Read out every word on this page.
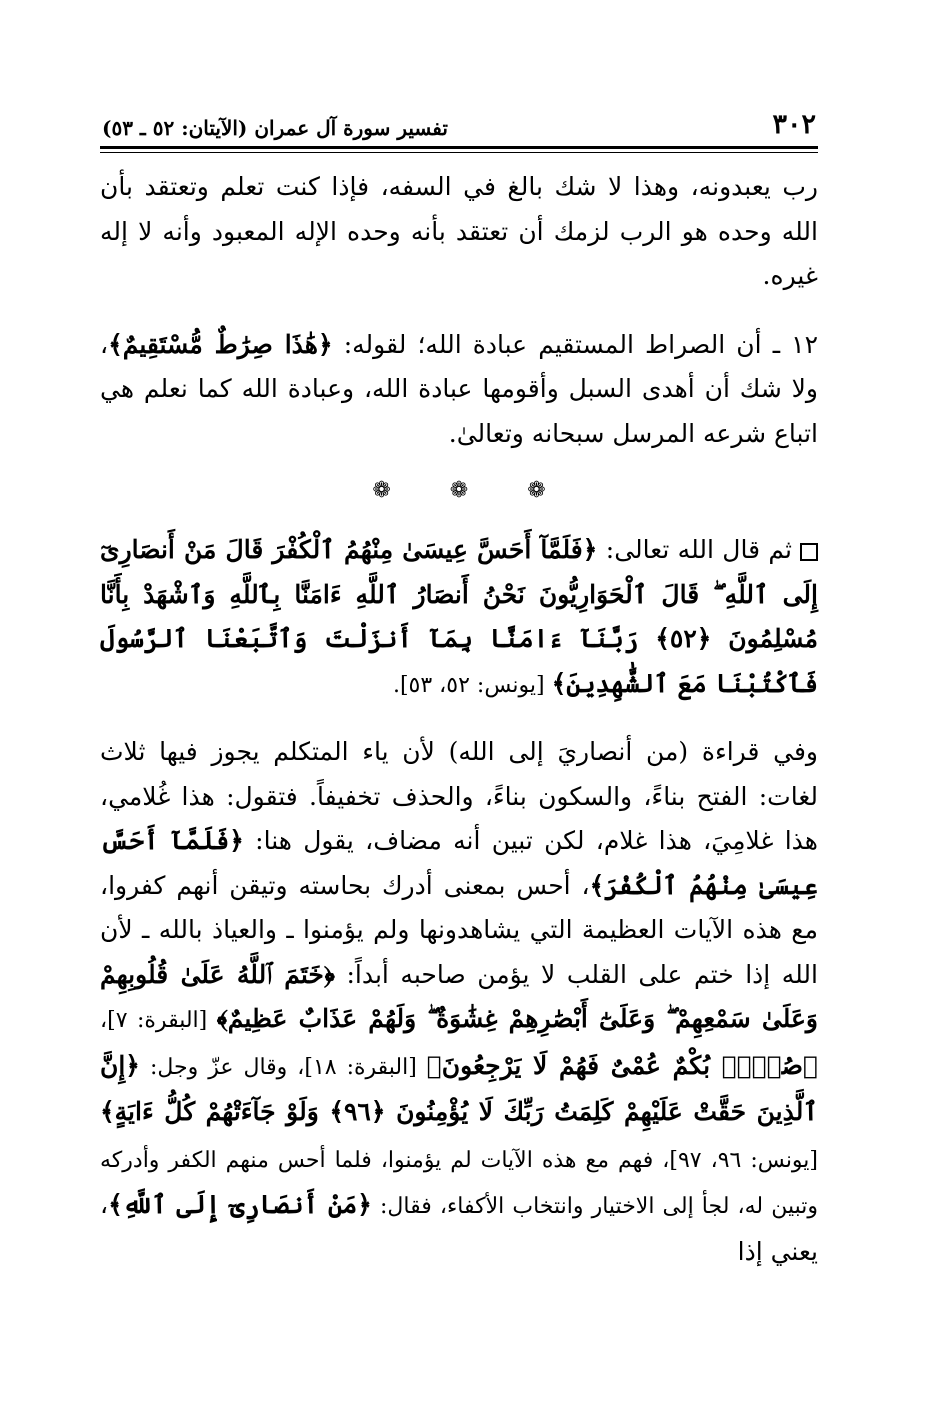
٣٠٢
تفسير سورة آل عمران (الآيتان: ٥٢ ـ ٥٣)

رب يعبدونه، وهذا لا شك بالغ في السفه، فإذا كنت تعلم وتعتقد بأن الله وحده هو الرب لزمك أن تعتقد بأنه وحده الإله المعبود وأنه لا إله غيره.

١٢ ـ أن الصراط المستقيم عبادة الله؛ لقوله: ﴿هَٰذَا صِرَٰطٌ مُّسْتَقِيمٌ﴾، ولا شك أن أهدى السبل وأقومها عبادة الله، وعبادة الله كما نعلم هي اتباع شرعه المرسل سبحانه وتعالىٰ.

❁ ❁ ❁

ثم قال الله تعالى: ﴿فَلَمَّآ أَحَسَّ عِيسَىٰ مِنْهُمُ ٱلْكُفْرَ قَالَ مَنْ أَنصَارِىٓ إِلَى ٱللَّهِ ۖ قَالَ ٱلْحَوَارِيُّونَ نَحْنُ أَنصَارُ ٱللَّهِ ءَامَنَّا بِٱللَّهِ وَٱشْهَدْ بِأَنَّا مُسْلِمُونَ ﴿٥٢﴾ رَبَّنَآ ءَامَنَّا بِمَآ أَنزَلْتَ وَٱتَّبَعْنَا ٱلرَّسُولَ فَٱكْتُبْنَا مَعَ ٱلشَّٰهِدِينَ﴾ [يونس: ٥٢، ٥٣].

وفي قراءة (من أنصاريَ إلى الله) لأن ياء المتكلم يجوز فيها ثلاث لغات: الفتح بناءً، والسكون بناءً، والحذف تخفيفاً. فتقول: هذا غُلامي، هذا غلامِيَ، هذا غلام، لكن تبين أنه مضاف، يقول هنا: ﴿فَلَمَّآ أَحَسَّ عِيسَىٰ مِنْهُمُ ٱلْكُفْرَ﴾، أحس بمعنى أدرك بحاسته وتيقن أنهم كفروا، مع هذه الآيات العظيمة التي يشاهدونها ولم يؤمنوا ـ والعياذ بالله ـ لأن الله إذا ختم على القلب لا يؤمن صاحبه أبداً: ﴿خَتَمَ ٱللَّهُ عَلَىٰ قُلُوبِهِمْ وَعَلَىٰ سَمْعِهِمْ ۖ وَعَلَىٰٓ أَبْصَٰرِهِمْ غِشَٰوَةٌ ۖ وَلَهُمْ عَذَابٌ عَظِيمٌ﴾ [البقرة: ٧]، ﴿صُمٌّۢ بُكْمٌ عُمْىٌ فَهُمْ لَا يَرْجِعُونَ﴾ [البقرة: ١٨]، وقال عزّ وجل: ﴿إِنَّ ٱلَّذِينَ حَقَّتْ عَلَيْهِمْ كَلِمَتُ رَبِّكَ لَا يُؤْمِنُونَ ﴿٩٦﴾ وَلَوْ جَآءَتْهُمْ كُلُّ ءَايَةٍ﴾ [يونس: ٩٦، ٩٧]، فهم مع هذه الآيات لم يؤمنوا، فلما أحس منهم الكفر وأدركه وتبين له، لجأ إلى الاختيار وانتخاب الأكفاء، فقال: ﴿مَنْ أَنصَارِىٓ إِلَى ٱللَّهِ﴾، يعني إذا
